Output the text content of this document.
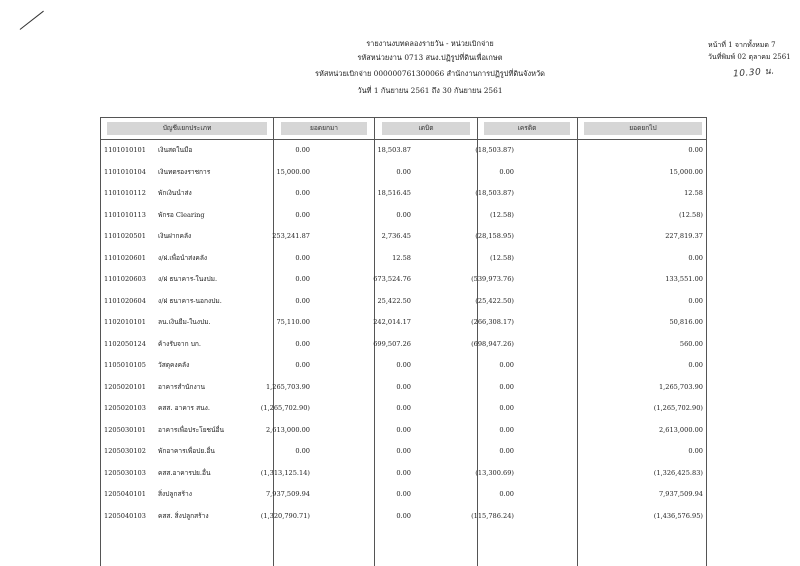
รายงานงบทดลองรายวัน - หน่วยเบิกจ่าย
รหัสหน่วยงาน 0713 สนง.ปฏิรูปที่ดินเพื่อเกษต
รหัสหน่วยเบิกจ่าย 000000761300066 สำนักงานการปฏิรูปที่ดินจังหวัด
วันที่ 1 กันยายน 2561 ถึง 30 กันยายน 2561
หน้าที่ 1 จากทั้งหมด 7
วันที่พิมพ์ 02 ตุลาคม 2561
10.30 น.
บัญชีแยกประเภท	ยอดยกมา	เดบิต	เครดิต	ยอดยกไป
1101010101 เงินสดในมือ	0.00	18,503.87	(18,503.87)	0.00
1101010104 เงินทดรองราชการ	15,000.00	0.00	0.00	15,000.00
1101010112 พักเงินนำส่ง	0.00	18,516.45	(18,503.87)	12.58
1101010113 พักรอ Clearing	0.00	0.00	(12.58)	(12.58)
1101020501 เงินฝากคลัง	253,241.87	2,736.45	(28,158.95)	227,819.37
1101020601 ง/ฝ.เพื่อนำส่งคลัง	0.00	12.58	(12.58)	0.00
1101020603 ง/ฝ ธนาคาร-ในงปม.	0.00	673,524.76	(539,973.76)	133,551.00
1101020604 ง/ฝ ธนาคาร-นอกงปม.	0.00	25,422.50	(25,422.50)	0.00
1102010101 ลน.เงินยืม-ในงปม.	75,110.00	242,014.17	(266,308.17)	50,816.00
1102050124 ค้างรับจาก บก.	0.00	699,507.26	(698,947.26)	560.00
1105010105 วัสดุคงคลัง	0.00	0.00	0.00	0.00
1205020101 อาคารสำนักงาน	1,265,703.90	0.00	0.00	1,265,703.90
1205020103 คสส. อาคาร สนง.	(1,265,702.90)	0.00	0.00	(1,265,702.90)
1205030101 อาคารเพื่อประโยชน์อื่น	2,613,000.00	0.00	0.00	2,613,000.00
1205030102 พักอาคารเพื่อปย.อื่น	0.00	0.00	0.00	0.00
1205030103 คสส.อาคารปย.อื่น	(1,313,125.14)	0.00	(13,300.69)	(1,326,425.83)
1205040101 สิ่งปลูกสร้าง	7,937,509.94	0.00	0.00	7,937,509.94
1205040103 คสส. สิ่งปลูกสร้าง	(1,320,790.71)	0.00	(115,786.24)	(1,436,576.95)
